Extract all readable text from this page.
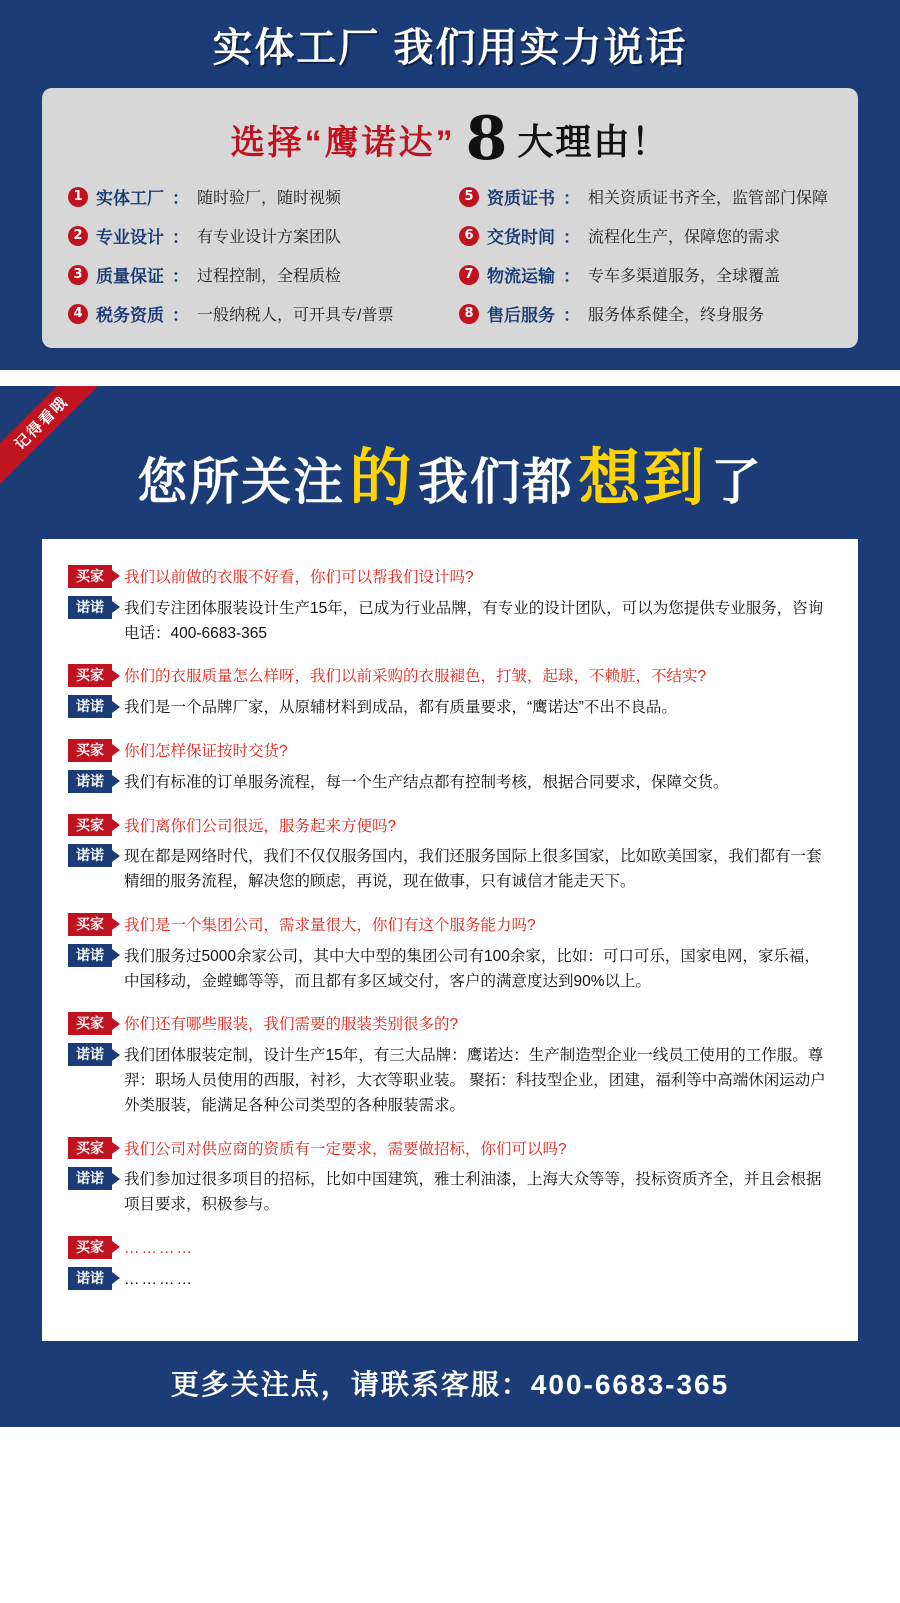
实体工厂 我们用实力说话
选择“鹰诺达” 8 大理由！
1 实体工厂 ： 随时验厂，随时视频	5 资质证书 ： 相关资质证书齐全，监管部门保障
2 专业设计 ： 有专业设计方案团队	6 交货时间 ： 流程化生产，保障您的需求
3 质量保证 ： 过程控制，全程质检	7 物流运输 ： 专车多渠道服务，全球覆盖
4 税务资质 ： 一般纳税人，可开具专/普票	8 售后服务 ： 服务体系健全，终身服务
记得看哦
您所关注 的 我们都 想到 了
买家	我们以前做的衣服不好看，你们可以帮我们设计吗?
诺诺	我们专注团体服装设计生产15年，已成为行业品牌，有专业的设计团队，可以为您提供专业服务，咨询电话：400-6683-365
买家	你们的衣服质量怎么样呀，我们以前采购的衣服褪色，打皱，起球，不赖脏，不结实?
诺诺	我们是一个品牌厂家，从原辅材料到成品，都有质量要求，“鹰诺达”不出不良品。
买家	你们怎样保证按时交货?
诺诺	我们有标准的订单服务流程，每一个生产结点都有控制考核，根据合同要求，保障交货。
买家	我们离你们公司很远，服务起来方便吗?
诺诺	现在都是网络时代，我们不仅仅服务国内，我们还服务国际上很多国家，比如欧美国家，我们都有一套精细的服务流程，解决您的顾虑，再说，现在做事，只有诚信才能走天下。
买家	我们是一个集团公司，需求量很大，你们有这个服务能力吗?
诺诺	我们服务过5000余家公司，其中大中型的集团公司有100余家，比如：可口可乐，国家电网，家乐福，中国移动，金螳螂等等，而且都有多区域交付，客户的满意度达到90%以上。
买家	你们还有哪些服装，我们需要的服装类别很多的?
诺诺	我们团体服装定制，设计生产15年，有三大品牌：鹰诺达：生产制造型企业一线员工使用的工作服。尊羿：职场人员使用的西服，衬衫，大衣等职业装。 聚拓：科技型企业，团建，福利等中高端休闲运动户外类服装，能满足各种公司类型的各种服装需求。
买家	我们公司对供应商的资质有一定要求，需要做招标，你们可以吗?
诺诺	我们参加过很多项目的招标，比如中国建筑，雅士利油漆，上海大众等等，投标资质齐全，并且会根据项目要求，积极参与。
买家	…………
诺诺	…………
更多关注点，请联系客服：400-6683-365
